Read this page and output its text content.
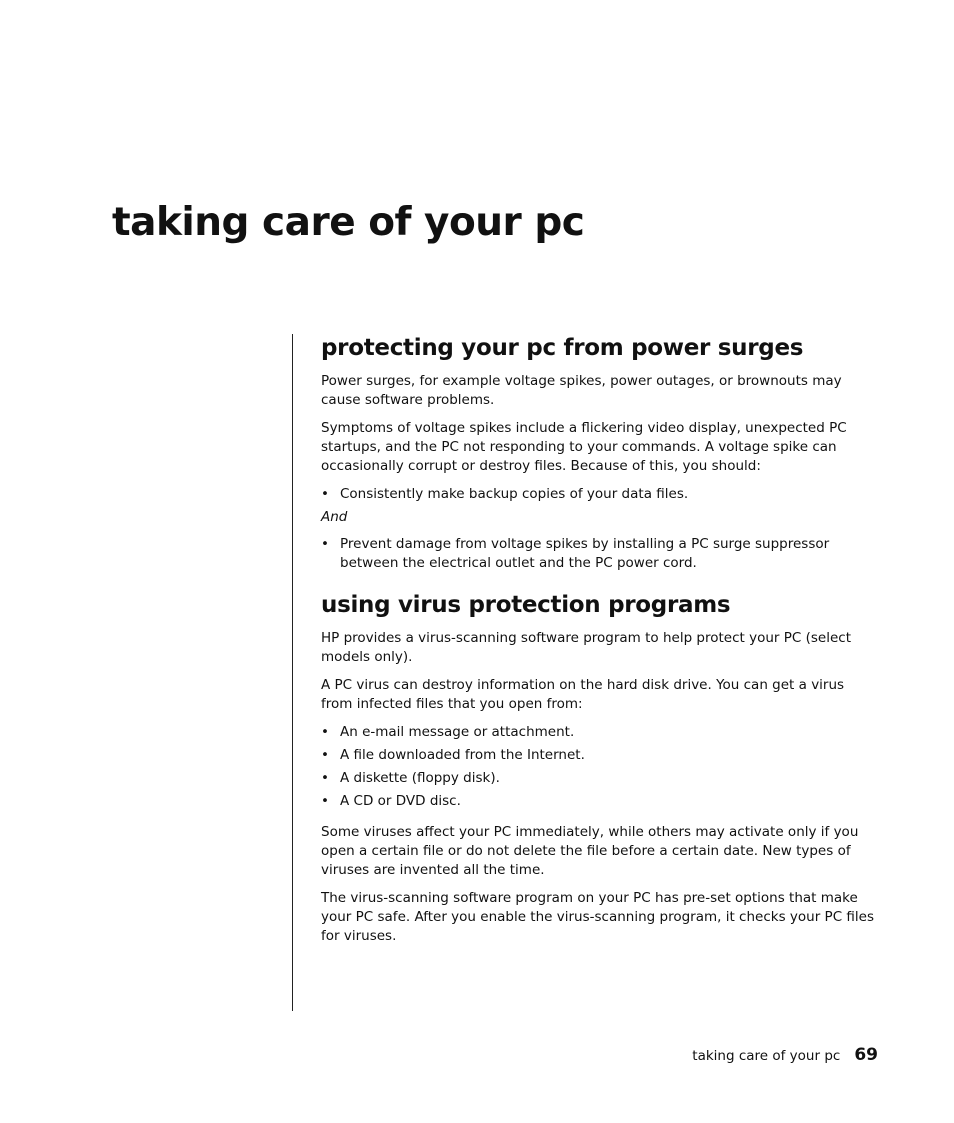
taking care of your pc
protecting your pc from power surges

Power surges, for example voltage spikes, power outages, or brownouts may cause software problems.

Symptoms of voltage spikes include a flickering video display, unexpected PC startups, and the PC not responding to your commands. A voltage spike can occasionally corrupt or destroy files. Because of this, you should:

• Consistently make backup copies of your data files.

And

• Prevent damage from voltage spikes by installing a PC surge suppressor between the electrical outlet and the PC power cord.
using virus protection programs

HP provides a virus-scanning software program to help protect your PC (select models only).

A PC virus can destroy information on the hard disk drive. You can get a virus from infected files that you open from:

• An e-mail message or attachment.
• A file downloaded from the Internet.
• A diskette (floppy disk).
• A CD or DVD disc.

Some viruses affect your PC immediately, while others may activate only if you open a certain file or do not delete the file before a certain date. New types of viruses are invented all the time.

The virus-scanning software program on your PC has pre-set options that make your PC safe. After you enable the virus-scanning program, it checks your PC files for viruses.

taking care of your pc 69
